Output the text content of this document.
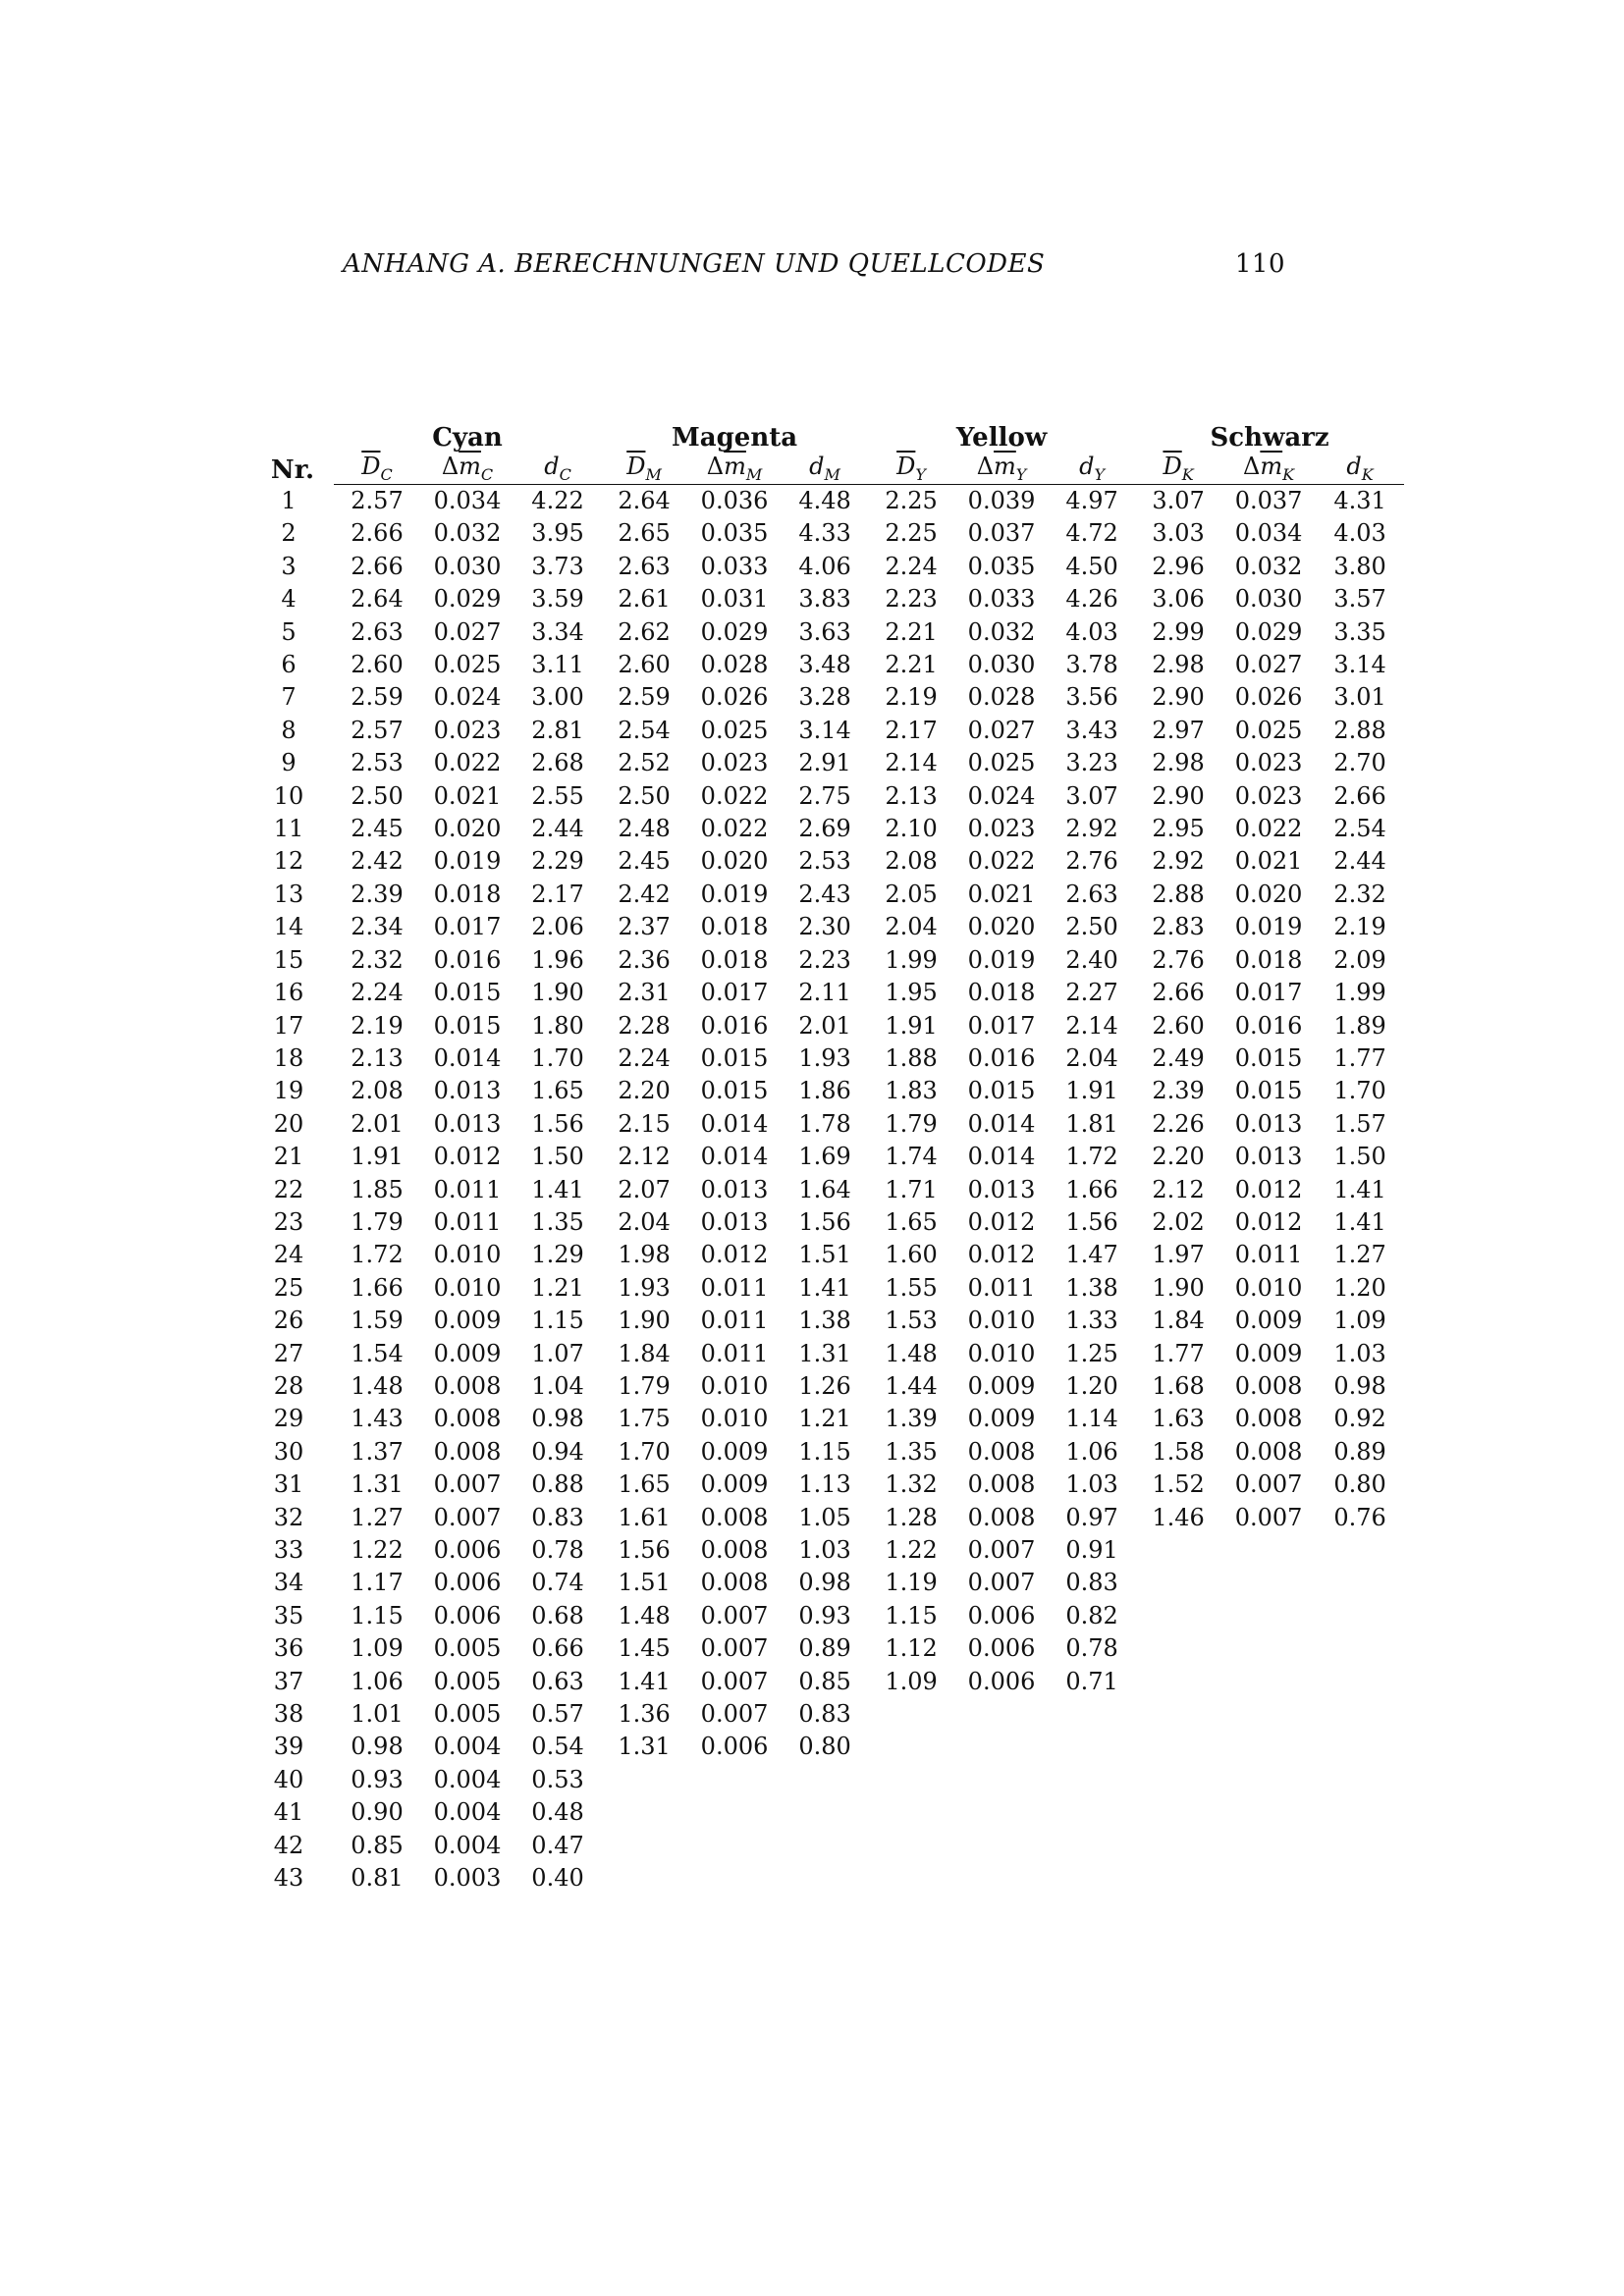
ANHANG A. BERECHNUNGEN UND QUELLCODES	110
Nr.	Cyan			Magenta			Yellow			Schwarz		
	$\overline{D}_C$	$\Delta\overline{m}_C$	$d_C$	$\overline{D}_M$	$\Delta\overline{m}_M$	$d_M$	$\overline{D}_Y$	$\Delta\overline{m}_Y$	$d_Y$	$\overline{D}_K$	$\Delta\overline{m}_K$	$d_K$
1	2.57	0.034	4.22	2.64	0.036	4.48	2.25	0.039	4.97	3.07	0.037	4.31
2	2.66	0.032	3.95	2.65	0.035	4.33	2.25	0.037	4.72	3.03	0.034	4.03
3	2.66	0.030	3.73	2.63	0.033	4.06	2.24	0.035	4.50	2.96	0.032	3.80
4	2.64	0.029	3.59	2.61	0.031	3.83	2.23	0.033	4.26	3.06	0.030	3.57
5	2.63	0.027	3.34	2.62	0.029	3.63	2.21	0.032	4.03	2.99	0.029	3.35
6	2.60	0.025	3.11	2.60	0.028	3.48	2.21	0.030	3.78	2.98	0.027	3.14
7	2.59	0.024	3.00	2.59	0.026	3.28	2.19	0.028	3.56	2.90	0.026	3.01
8	2.57	0.023	2.81	2.54	0.025	3.14	2.17	0.027	3.43	2.97	0.025	2.88
9	2.53	0.022	2.68	2.52	0.023	2.91	2.14	0.025	3.23	2.98	0.023	2.70
10	2.50	0.021	2.55	2.50	0.022	2.75	2.13	0.024	3.07	2.90	0.023	2.66
11	2.45	0.020	2.44	2.48	0.022	2.69	2.10	0.023	2.92	2.95	0.022	2.54
12	2.42	0.019	2.29	2.45	0.020	2.53	2.08	0.022	2.76	2.92	0.021	2.44
13	2.39	0.018	2.17	2.42	0.019	2.43	2.05	0.021	2.63	2.88	0.020	2.32
14	2.34	0.017	2.06	2.37	0.018	2.30	2.04	0.020	2.50	2.83	0.019	2.19
15	2.32	0.016	1.96	2.36	0.018	2.23	1.99	0.019	2.40	2.76	0.018	2.09
16	2.24	0.015	1.90	2.31	0.017	2.11	1.95	0.018	2.27	2.66	0.017	1.99
17	2.19	0.015	1.80	2.28	0.016	2.01	1.91	0.017	2.14	2.60	0.016	1.89
18	2.13	0.014	1.70	2.24	0.015	1.93	1.88	0.016	2.04	2.49	0.015	1.77
19	2.08	0.013	1.65	2.20	0.015	1.86	1.83	0.015	1.91	2.39	0.015	1.70
20	2.01	0.013	1.56	2.15	0.014	1.78	1.79	0.014	1.81	2.26	0.013	1.57
21	1.91	0.012	1.50	2.12	0.014	1.69	1.74	0.014	1.72	2.20	0.013	1.50
22	1.85	0.011	1.41	2.07	0.013	1.64	1.71	0.013	1.66	2.12	0.012	1.41
23	1.79	0.011	1.35	2.04	0.013	1.56	1.65	0.012	1.56	2.02	0.012	1.41
24	1.72	0.010	1.29	1.98	0.012	1.51	1.60	0.012	1.47	1.97	0.011	1.27
25	1.66	0.010	1.21	1.93	0.011	1.41	1.55	0.011	1.38	1.90	0.010	1.20
26	1.59	0.009	1.15	1.90	0.011	1.38	1.53	0.010	1.33	1.84	0.009	1.09
27	1.54	0.009	1.07	1.84	0.011	1.31	1.48	0.010	1.25	1.77	0.009	1.03
28	1.48	0.008	1.04	1.79	0.010	1.26	1.44	0.009	1.20	1.68	0.008	0.98
29	1.43	0.008	0.98	1.75	0.010	1.21	1.39	0.009	1.14	1.63	0.008	0.92
30	1.37	0.008	0.94	1.70	0.009	1.15	1.35	0.008	1.06	1.58	0.008	0.89
31	1.31	0.007	0.88	1.65	0.009	1.13	1.32	0.008	1.03	1.52	0.007	0.80
32	1.27	0.007	0.83	1.61	0.008	1.05	1.28	0.008	0.97	1.46	0.007	0.76
33	1.22	0.006	0.78	1.56	0.008	1.03	1.22	0.007	0.91			
34	1.17	0.006	0.74	1.51	0.008	0.98	1.19	0.007	0.83			
35	1.15	0.006	0.68	1.48	0.007	0.93	1.15	0.006	0.82			
36	1.09	0.005	0.66	1.45	0.007	0.89	1.12	0.006	0.78			
37	1.06	0.005	0.63	1.41	0.007	0.85	1.09	0.006	0.71			
38	1.01	0.005	0.57	1.36	0.007	0.83						
39	0.98	0.004	0.54	1.31	0.006	0.80						
40	0.93	0.004	0.53									
41	0.90	0.004	0.48									
42	0.85	0.004	0.47									
43	0.81	0.003	0.40									
